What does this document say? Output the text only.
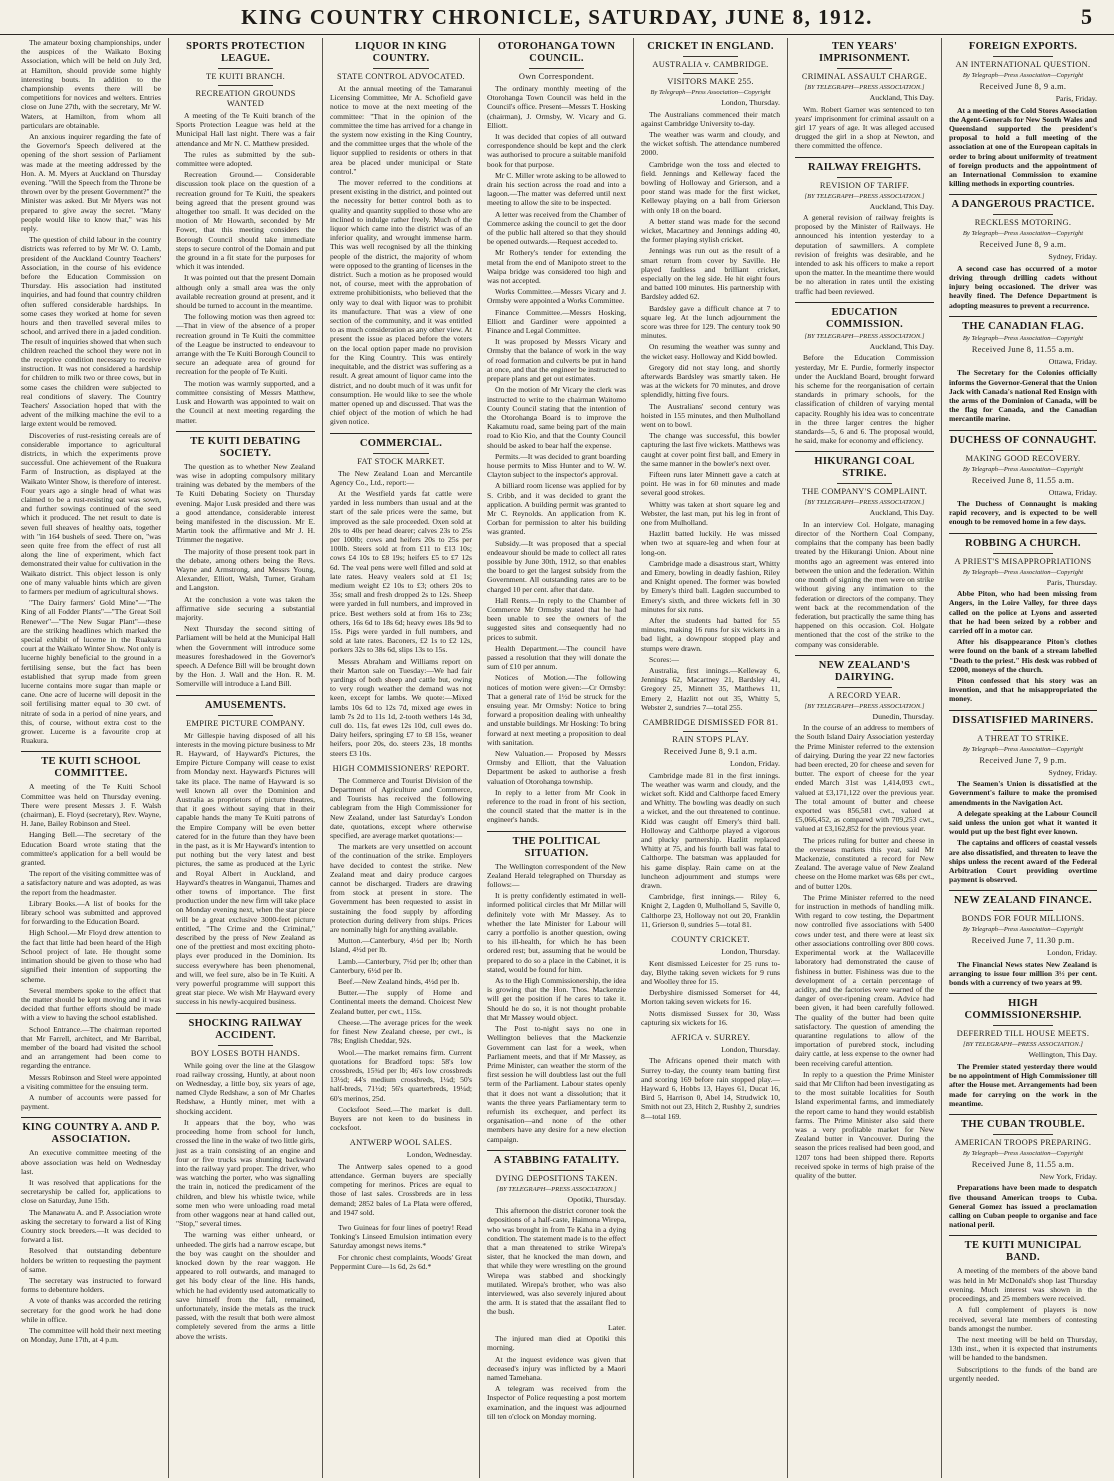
KING COUNTRY CHRONICLE, SATURDAY, JUNE 8, 1912.	5

The amateur boxing championships, under the auspices of the Waikato Boxing Association, which will be held on July 3rd, at Hamilton, should provide some highly interesting bouts. In addition to the championship events there will be competitions for novices and welters. Entries close on June 27th, with the secretary, Mr W. Waters, at Hamilton, from whom all particulars are obtainable.

An anxious inquirer regarding the fate of the Governor's Speech delivered at the opening of the short session of Parliament was made at the meeting addressed by the Hon. A. M. Myers at Auckland on Thursday evening. "Will the Speech from the Throne be thrown over by the present Government?" the Minister was asked. But Mr Myers was not prepared to give away the secret. "Many people would like to know that," was his reply.

The question of child labour in the country districts was referred to by Mr W. O. Lamb, president of the Auckland Country Teachers' Association, in the course of his evidence before the Education Commission on Thursday. His association had instituted inquiries, and had found that country children often suffered considerable hardships. In some cases they worked at home for seven hours and then travelled several miles to school, and arrived there in a jaded condition. The result of inquiries showed that when such children reached the school they were not in the receptive condition necessary to receive instruction. It was not considered a hardship for children to milk two or three cows, but in some cases the children were subjected to real conditions of slavery. The Country Teachers' Association hoped that with the advent of the milking machine the evil to a large extent would be removed.

Discoveries of rust-resisting cereals are of considerable importance to agricultural districts, in which the experiments prove successful. One achievement of the Ruakura Farm of Instruction, as displayed at the Waikato Winter Show, is therefore of interest. Four years ago a single head of what was claimed to be a rust-resisting oat was sown, and further sowings continued of the seed which it produced. The net result to date is seven full sheaves of healthy oats, together with "in 164 bushels of seed. There on, "was seen quite free from the effect of rust all along the line of experiment, which fact demonstrated their value for cultivation in the Waikato district. This object lesson is only one of many valuable hints which are given to farmers per medium of agricultural shows.

"The Dairy farmers' Gold Mine"—"The King of all Fodder Plants"—"The Great Soil Renewer"—"The New Sugar Plant"—these are the striking headlines which marked the special exhibit of lucerne in the Ruakura court at the Waikato Winter Show. Not only is lucerne highly beneficial to the ground in a fertilising sense, but the fact has been established that syrup made from green lucerne contains more sugar than maple or cane. One acre of lucerne will deposit in the soil fertilising matter equal to 30 cwt. of nitrate of soda in a period of nine years, and this, of course, without extra cost to the grower. Lucerne is a favourite crop at Ruakura.

TE KUITI SCHOOL COMMITTEE.

A meeting of the Te Kuiti School Committee was held on Thursday evening. There were present Messrs J. F. Walsh (chairman), E. Floyd (secretary), Rev. Wayne, H. Jane, Bailey Robinson and Steel.

Hanging Bell.—The secretary of the Education Board wrote stating that the committee's application for a bell would be granted.

The report of the visiting committee was of a satisfactory nature and was adopted, as was the report from the headmaster.

Library Books.—A list of books for the library school was submitted and approved for forwarding to the Education Board.

High School.—Mr Floyd drew attention to the fact that little had been heard of the High School project of late. He thought some intimation should be given to those who had signified their intention of supporting the scheme.

Several members spoke to the effect that the matter should be kept moving and it was decided that further efforts should be made with a view to having the school established.

School Entrance.—The chairman reported that Mr Farrell, architect, and Mr Barribal, member of the board had visited the school and an arrangement had been come to regarding the entrance.

Messrs Robinson and Steel were appointed a visiting committee for the ensuing term.

A number of accounts were passed for payment.

KING COUNTRY A. AND P. ASSOCIATION.

An executive committee meeting of the above association was held on Wednesday last.

It was resolved that applications for the secretaryship be called for, applications to close on Saturday, June 15th.

The Manawatu A. and P. Association wrote asking the secretary to forward a list of King Country stock breeders.—It was decided to forward a list.

Resolved that outstanding debenture holders be written to requesting the payment of same.

The secretary was instructed to forward forms to debenture holders.

A vote of thanks was accorded the retiring secretary for the good work he had done while in office.

The committee will hold their next meeting on Monday, June 17th, at 4 p.m.

SPORTS PROTECTION LEAGUE.
TE KUITI BRANCH.
RECREATION GROUNDS WANTED

A meeting of the Te Kuiti branch of the Sports Protection League was held at the Municipal Hall last night. There was a fair attendance and Mr N. C. Matthew presided.

The rules as submitted by the sub-committee were adopted.

Recreation Ground.— Considerable discussion took place on the question of a recreation ground for Te Kuiti, the speakers being agreed that the present ground was altogether too small. It was decided on the motion of Mr Howarth, seconded by Mr Fower, that this meeting considers the Borough Council should take immediate steps to secure control of the Domain and put the ground in a fit state for the purposes for which it was intended.

It was pointed out that the present Domain although only a small area was the only available recreation ground at present, and it should be turned to account in the meantime.

The following motion was then agreed to:—That in view of the absence of a proper recreation ground in Te Kuiti the committee of the League be instructed to endeavour to arrange with the Te Kuiti Borough Council to secure an adequate area of ground for recreation for the people of Te Kuiti.

The motion was warmly supported, and a committee consisting of Messrs Matthew, Lusk and Howarth was appointed to wait on the Council at next meeting regarding the matter.

TE KUITI DEBATING SOCIETY.

The question as to whether New Zealand was wise in adopting compulsory military training was debated by the members of the Te Kuiti Debating Society on Thursday evening. Major Lusk presided and there was a good attendance, considerable interest being manifested in the discussion. Mr E. Martin took the affirmative and Mr J. H. Trimmer the negative.

The majority of those present took part in the debate, among others being the Revs. Wayne and Armstrong, and Messrs Young, Alexander, Elliott, Walsh, Turner, Graham and Langston.

At the conclusion a vote was taken the affirmative side securing a substantial majority.

Next Thursday the second sitting of Parliament will be held at the Municipal Hall when the Government will introduce some measures foreshadowed in the Governor's speech. A Defence Bill will be brought down by the Hon. J. Wall and the Hon. R. M. Somerville will introduce a Land Bill.

AMUSEMENTS.
EMPIRE PICTURE COMPANY.

Mr Gillespie having disposed of all his interests in the moving picture business to Mr R. Hayward, of Hayward's Pictures, the Empire Picture Company will cease to exist from Monday next. Hayward's Pictures will take its place. The name of Hayward is so well known all over the Dominion and Australia as proprietors of picture theatres, that it goes without saying that in their capable hands the many Te Kuiti patrons of the Empire Company will be even better catered for in the future than they have been in the past, as it is Mr Hayward's intention to put nothing but the very latest and best pictures, the same as produced at the Lyric and Royal Albert in Auckland, and Hayward's theatres in Wanganui, Thames and other towns of importance. The first production under the new firm will take place on Monday evening next, when the star piece will be a great exclusive 3000-feet picture entitled, "The Crime and the Criminal," described by the press of New Zealand as one of the prettiest and most exciting photo-plays ever produced in the Dominion. Its success everywhere has been phenomenal, and will, we feel sure, also be in Te Kuiti. A very powerful programme will support this great star piece. We wish Mr Hayward every success in his newly-acquired business.

SHOCKING RAILWAY ACCIDENT.
BOY LOSES BOTH HANDS.

While going over the line at the Glasgow road railway crossing, Huntly, at about noon on Wednesday, a little boy, six years of age, named Clyde Redshaw, a son of Mr Charles Redshaw, a Huntly miner, met with a shocking accident.

It appears that the boy, who was proceeding home from school for lunch, crossed the line in the wake of two little girls, just as a train consisting of an engine and four or five trucks was shunting backward into the railway yard proper. The driver, who was watching the porter, who was signalling the train in, noticed the predicament of the children, and blew his whistle twice, while some men who were unloading road metal from other waggons near at hand called out, "Stop," several times.

The warning was either unheard, or unheeded. The girls had a narrow escape, but the boy was caught on the shoulder and knocked down by the rear waggon. He appeared to roll outwards, and managed to get his body clear of the line. His hands, which he had evidently used automatically to save himself from the fall, remained, unfortunately, inside the metals as the truck passed, with the result that both were almost completely severed from the arms a little above the wrists.

LIQUOR IN KING COUNTRY.
STATE CONTROL ADVOCATED.

At the annual meeting of the Tamaranui Licensing Committee, Mr A. Schofield gave notice to move at the next meeting of the committee: "That in the opinion of the committee the time has arrived for a change in the system now existing in the King Country, and the committee urges that the whole of the liquor supplied to residents or others in that area be placed under municipal or State control."

The mover referred to the conditions at present existing in the district, and pointed out the necessity for better control both as to quality and quantity supplied to those who are inclined to indulge rather freely. Much of the liquor which came into the district was of an inferior quality, and wrought immense harm. This was well recognised by all the thinking people of the district, the majority of whom were opposed to the granting of licenses in the district. Such a motion as he proposed would not, of course, meet with the approbation of extreme prohibitionists, who believed that the only way to deal with liquor was to prohibit its manufacture. That was a view of one section of the community, and it was entitled to as much consideration as any other view. At present the issue as placed before the voters on the local option paper made no provision for the King Country. This was entirely inequitable, and the district was suffering as a result. A great amount of liquor came into the district, and no doubt much of it was unfit for consumption. He would like to see the whole matter opened up and discussed. That was the chief object of the motion of which he had given notice.

COMMERCIAL.
FAT STOCK MARKET.

The New Zealand Loan and Mercantile Agency Co., Ltd., report:—

At the Westfield yards fat cattle were yarded in less numbers than usual and at the start of the sale prices were the same, but improved as the sale proceeded. Oxen sold at 20s to 40s per head dearer; calves 23s to 25s per 100lb; cows and heifers 20s to 25s per 100lb. Steers sold at from £11 to £13 10s; cows £4 10s to £8 19s; heifers £5 to £7 12s 6d. The veal pens were well filled and sold at late rates. Heavy vealers sold at £1 1s; medium weight £2 10s to £3; others 20s to 35s; small and fresh dropped 2s to 12s. Sheep were yarded in full numbers, and improved in price. Best wethers sold at from 16s to 23s; others, 16s 6d to 18s 6d; heavy ewes 18s 9d to 15s. Pigs were yarded in full numbers, and sold at late rates. Baconers, £2 1s to £2 12s, porkers 32s to 38s 6d, slips 13s to 15s.

Messrs Abraham and Williams report on their Marton sale on Tuesday:—We had fair yardings of both sheep and cattle but, owing to very rough weather the demand was not keen, except for lambs. We quote:—Mixed lambs 10s 6d to 12s 7d, mixed age ewes in lamb 7s 2d to 11s 1d, 2-tooth wethers 14s 3d, cull do. 11s, fat ewes 12s 10d, cull ewes do. Dairy heifers, springing £7 to £8 15s, weaner heifers, poor 20s, do. steers 23s, 18 months steers £3 10s.

HIGH COMMISSIONERS' REPORT.

The Commerce and Tourist Division of the Department of Agriculture and Commerce, and Tourists has received the following cablegram from the High Commissioner for New Zealand, under last Saturday's London date, quotations, except where otherwise specified, are average market quotations:—

The markets are very unsettled on account of the continuation of the strike. Employers have decided to contest the strike. New Zealand meat and dairy produce cargoes cannot be discharged. Traders are drawing from stock at present in store. The Government has been requested to assist in sustaining the food supply by affording protection during delivery from ships. Prices are nominally high for anything available.

Mutton.—Canterbury, 4½d per lb; North Island, 4½d per lb.

Lamb.—Canterbury, 7½d per lb; other than Canterbury, 6½d per lb.

Beef.—New Zealand hinds, 4½d per lb.

Butter.—The supply of Home and Continental meets the demand. Choicest New Zealand butter, per cwt., 115s.

Cheese.—The average prices for the week for finest New Zealand cheese, per cwt., is 78s; English Cheddar, 92s.

Wool.—The market remains firm. Current quotations for Bradford tops: 58's low crossbreds, 15¾d per lb; 46's low crossbreds 13½d; 44's medium crossbreds, 1¼d; 50's half-breds, 71½d; 56's quarterbreds, 19¼d; 60's merinos, 25d.

Cocksfoot Seed.—The market is dull. Buyers are not keen to do business in cocksfoot.

ANTWERP WOOL SALES.
London, Wednesday.

The Antwerp sales opened to a good attendance. German buyers are specially competing for merinos. Prices are equal to those of last sales. Crossbreds are in less demand; 2852 bales of La Plata were offered, and 1947 sold.

Two Guineas for four lines of poetry! Read Tonking's Linseed Emulsion intimation every Saturday amongst news items.*

For chronic chest complaints, Woods' Great Peppermint Cure—1s 6d, 2s 6d.*

OTOROHANGA TOWN COUNCIL.
Own Correspondent.

The ordinary monthly meeting of the Otorohanga Town Council was held in the Council's office. Present—Messrs T. Hosking (chairman), J. Ormsby, W. Vicary and G. Elliott.

It was decided that copies of all outward correspondence should be kept and the clerk was authorised to procure a suitable manifold book for that purpose.

Mr C. Miller wrote asking to be allowed to drain his section across the road and into a lagoon.—The matter was deferred until next meeting to allow the site to be inspected.

A letter was received from the Chamber of Commerce asking the council to get the door of the public hall altered so that they should be opened outwards.—Request acceded to.

Mr Rothery's tender for extending the metal from the end of Manipoto street to the Waipa bridge was considered too high and was not accepted.

Works Committee.—Messrs Vicary and J. Ormsby were appointed a Works Committee.

Finance Committee.—Messrs Hosking, Elliott and Gardiner were appointed a Finance and Legal Committee.

It was proposed by Messrs Vicary and Ormsby that the balance of work in the way of road formation and culverts be put in hand at once, and that the engineer be instructed to prepare plans and get out estimates.

On the motion of Mr Vicary the clerk was instructed to write to the chairman Waitomo County Council stating that the intention of the Otorohanga Board is to improve the Kakamutu road, same being part of the main road to Kio Kio, and that the County Council should be asked to bear half the expense.

Permits.—It was decided to grant boarding house permits to Miss Hunter and to W. W. Clayton subject to the inspector's approval.

A billiard room license was applied for by S. Cribb, and it was decided to grant the application. A building permit was granted to Mr C. Reynolds. An application from K. Corban for permission to alter his building was granted.

Subsidy.—It was proposed that a special endeavour should be made to collect all rates possible by June 30th, 1912, so that enables the board to get the largest subsidy from the Government. All outstanding rates are to be charged 10 per cent. after that date.

Hall Rents.—In reply to the Chamber of Commerce Mr Ormsby stated that he had been unable to see the owners of the suggested sites and consequently had no prices to submit.

Health Department.—The council have passed a resolution that they will donate the sum of £10 per annum.

Notices of Motion.—The following notices of motion were given:—Cr Ormsby: That a general rate of 1½d be struck for the ensuing year. Mr Ormsby: Notice to bring forward a proposition dealing with unhealthy and unstable buildings. Mr Hosking: To bring forward at next meeting a proposition to deal with sanitation.

New Valuation.— Proposed by Messrs Ormsby and Elliott, that the Valuation Department be asked to authorise a fresh valuation of Otorohanga township.

In reply to a letter from Mr Cook in reference to the road in front of his section, the council stated that the matter is in the engineer's hands.

THE POLITICAL SITUATION.

The Wellington correspondent of the New Zealand Herald telegraphed on Thursday as follows:—

It is pretty confidently estimated in well-informed political circles that Mr Millar will definitely vote with Mr Massey. As to whether the late Minister for Labour will carry a portfolio is another question, owing to his ill-health, for which he has been ordered rest; but, assuming that he would be prepared to do so a place in the Cabinet, it is stated, would be found for him.

As to the High Commissionership, the idea is growing that the Hon. Thos. Mackenzie will get the position if he cares to take it. Should he do so, it is not thought probable that Mr Massey would object.

The Post to-night says no one in Wellington believes that the Mackenzie Government can last for a week, when Parliament meets, and that if Mr Massey, as Prime Minister, can weather the storm of the first session he will doubtless last out the full term of the Parliament. Labour states openly that it does not want a dissolution; that it wants the three years Parliamentary term to refurnish its exchequer, and perfect its organisation—and none of the other members have any desire for a new election campaign.

A STABBING FATALITY.
DYING DEPOSITIONS TAKEN.
[BY TELEGRAPH—PRESS ASSOCIATION.]
Opotiki, Thursday.

This afternoon the district coroner took the depositions of a half-caste, Haimona Wirepa, who was brought in from Te Kaha in a dying condition. The statement made is to the effect that a man threatened to strike Wirepa's sister, that he knocked the man down, and that while they were wrestling on the ground Wirepa was stabbed and shockingly mutilated. Wirepa's brother, who was also interviewed, was also severely injured about the arm. It is stated that the assailant fled to the bush.

Later.

The injured man died at Opotiki this morning.

At the inquest evidence was given that deceased's injury was inflicted by a Maori named Tamehana.

A telegram was received from the Inspector of Police requesting a post mortem examination, and the inquest was adjourned till ten o'clock on Monday morning.

CRICKET IN ENGLAND.
AUSTRALIA v. CAMBRIDGE.
VISITORS MAKE 255.
By Telegraph—Press Association—Copyright
London, Thursday.

The Australians commenced their match against Cambridge University to-day.

The weather was warm and cloudy, and the wicket softish. The attendance numbered 2000.

Cambridge won the toss and elected to field. Jennings and Kelleway faced the bowling of Holloway and Grierson, and a poor stand was made for the first wicket, Kelleway playing on a ball from Grierson with only 18 on the board.

A better stand was made for the second wicket, Macartney and Jennings adding 40, the former playing stylish cricket.

Jennings was run out as the result of a smart return from cover by Saville. He played faultless and brilliant cricket, especially on the leg side. He hit eight fours and batted 100 minutes. His partnership with Bardsley added 62.

Bardsley gave a difficult chance at 7 to square leg. At the lunch adjournment the score was three for 129. The century took 90 minutes.

On resuming the weather was sunny and the wicket easy. Holloway and Kidd bowled.

Gregory did not stay long, and shortly afterwards Bardsley was smartly taken. He was at the wickets for 70 minutes, and drove splendidly, hitting five fours.

The Australians' second century was hoisted in 155 minutes, and then Mulholland went on to bowl.

The change was successful, this bowler capturing the last five wickets. Matthews was caught at cover point first ball, and Emery in the same manner in the bowler's next over.

Fifteen runs later Minnett gave a catch at point. He was in for 60 minutes and made several good strokes.

Whitty was taken at short square leg and Webster, the last man, put his leg in front of one from Mulholland.

Hazlitt batted luckily. He was missed when two at square-leg and when four at long-on.

Cambridge made a disastrous start, Whitty and Emery, bowling in deadly fashion, Riley and Knight opened. The former was bowled by Emery's third ball. Lagden succumbed to Emery's sixth, and three wickets fell in 30 minutes for six runs.

After the students had batted for 55 minutes, making 16 runs for six wickets in a bad light, a downpour stopped play and stumps were drawn.

Scores:—

Australia, first innings.—Kelleway 6, Jennings 62, Macartney 21, Bardsley 41, Gregory 25, Minnett 35, Matthews 11, Emery 2, Hazlitt not out 35, Whitty 5, Webster 2, sundries 7—total 255.

CAMBRIDGE DISMISSED FOR 81.
RAIN STOPS PLAY.
Received June 8, 9.1 a.m.
London, Friday.

Cambridge made 81 in the first innings. The weather was warm and cloudy, and the wicket soft. Kidd and Calthorpe faced Emery and Whitty. The bowling was deadly on such a wicket, and the out threatened to continue. Kidd was caught off Emery's third ball. Holloway and Calthorpe played a vigorous and plucky partnership. Hazlitt replaced Whitty at 75, and his fourth ball was fatal to Calthorpe. The batsman was applauded for his game display. Rain came on at the luncheon adjournment and stumps were drawn.

Cambridge, first innings.— Riley 6, Knight 2, Lagden 0, Mulholland 5, Saville 0, Calthorpe 23, Holloway not out 20, Franklin 11, Grierson 0, sundries 5—total 81.

COUNTY CRICKET.
London, Thursday.

Kent dismissed Leicester for 25 runs to-day, Blythe taking seven wickets for 9 runs and Woolley three for 15.

Derbyshire dismissed Somerset for 44, Morton taking seven wickets for 16.

Notts dismissed Sussex for 30, Wass capturing six wickets for 16.

AFRICA v. SURREY.
London, Thursday.

The Africans opened their match with Surrey to-day, the county team batting first and scoring 169 before rain stopped play.—Hayward 6, Hobbs 13, Hayes 61, Ducat 16, Bird 5, Harrison 0, Abel 14, Strudwick 10, Smith not out 23, Hitch 2, Rushby 2, sundries 8—total 169.

TEN YEARS' IMPRISONMENT.
CRIMINAL ASSAULT CHARGE.
[BY TELEGRAPH—PRESS ASSOCIATION.]
Auckland, This Day.

Wm. Robert Garner was sentenced to ten years' imprisonment for criminal assault on a girl 17 years of age. It was alleged accused drugged the girl in a shop at Newton, and there committed the offence.

RAILWAY FREIGHTS.
REVISION OF TARIFF.
[BY TELEGRAPH—PRESS ASSOCIATION.]
Auckland, This Day.

A general revision of railway freights is proposed by the Minister of Railways. He announced his intention yesterday to a deputation of sawmillers. A complete revision of freights was desirable, and he intended to ask his officers to make a report upon the matter. In the meantime there would be no alteration in rates until the existing traffic had been reviewed.

EDUCATION COMMISSION.
[BY TELEGRAPH—PRESS ASSOCIATION.]
Auckland, This Day.

Before the Education Commission yesterday, Mr E. Purdie, formerly inspector under the Auckland Board, brought forward his scheme for the reorganisation of certain standards in primary schools, for the classification of children of varying mental capacity. Roughly his idea was to concentrate in the three larger centres the higher standards—5, 6 and 6. The proposal would, he said, make for economy and efficiency.

HIKURANGI COAL STRIKE.
THE COMPANY'S COMPLAINT.
[BY TELEGRAPH—PRESS ASSOCIATION.]
Auckland, This Day.

In an interview Col. Holgate, managing director of the Northern Coal Company, complains that the company has been badly treated by the Hikurangi Union. About nine months ago an agreement was entered into between the union and the federation. Within one month of signing the men were on strike without giving any intimation to the federation or directors of the company. They went back at the recommendation of the federation, but practically the same thing has happened on this occasion. Col. Holgate mentioned that the cost of the strike to the company was considerable.

NEW ZEALAND'S DAIRYING.
A RECORD YEAR.
[BY TELEGRAPH—PRESS ASSOCIATION.]
Dunedin, Thursday.

In the course of an address to members of the South Island Dairy Association yesterday the Prime Minister referred to the extension of dairying. During the year 22 new factories had been erected, 20 for cheese and seven for butter. The export of cheese for the year ended March 31st was 1,414,093 cwt., valued at £3,171,122 over the previous year. The total amount of butter and cheese exported was 856,581 cwt., valued at £5,066,452, as compared with 709,253 cwt., valued at £3,162,852 for the previous year.

The prices ruling for butter and cheese in the overseas markets this year, said Mr Mackenzie, constituted a record for New Zealand. The average value of New Zealand cheese on the Home market was 68s per cwt., and of butter 120s.

The Prime Minister referred to the need for instruction in methods of handling milk. With regard to cow testing, the Department now controlled five associations with 5400 cows under test, and there were at least six other associations controlling over 800 cows. Experimental work at the Wallaceville laboratory had demonstrated the cause of fishiness in butter. Fishiness was due to the development of a certain percentage of acidity, and the factories were warned of the danger of over-ripening cream. Advice had been given, it had been carefully followed. The quality of the butter had been quite satisfactory. The question of amending the quarantine regulations to allow of the importation of purebred stock, including dairy cattle, at less expense to the owner had been receiving careful attention.

In reply to a question the Prime Minister said that Mr Clifton had been investigating as to the most suitable localities for South Island experimental farms, and immediately the report came to hand they would establish farms. The Prime Minister also said there was a very profitable market for New Zealand butter in Vancouver. During the season the prices realised had been good, and 1207 tons had been shipped there. Reports received spoke in terms of high praise of the quality of the butter.

FOREIGN EXPORTS.
AN INTERNATIONAL QUESTION.
By Telegraph—Press Association—Copyright
Received June 8, 9 a.m.
Paris, Friday.

At a meeting of the Cold Stores Association the Agent-Generals for New South Wales and Queensland supported the president's proposal to hold a full meeting of the association at one of the European capitals in order to bring about uniformity of treatment of foreign products and the appointment of an International Commission to examine killing methods in exporting countries.

A DANGEROUS PRACTICE.
RECKLESS MOTORING.
By Telegraph—Press Association—Copyright
Received June 8, 9 a.m.
Sydney, Friday.

A second case has occurred of a motor driving through drilling cadets without injury being occasioned. The driver was heavily fined. The Defence Department is adopting measures to prevent a recurrence.

THE CANADIAN FLAG.
By Telegraph—Press Association—Copyright
Received June 8, 11.55 a.m.
Ottawa, Friday.

The Secretary for the Colonies officially informs the Governor-General that the Union Jack with Canada's national Red Ensign with the arms of the Dominion of Canada, will be the flag for Canada, and the Canadian mercantile marine.

DUCHESS OF CONNAUGHT.
MAKING GOOD RECOVERY.
By Telegraph—Press Association—Copyright
Received June 8, 11.55 a.m.
Ottawa, Friday.

The Duchess of Connaught is making rapid recovery, and is expected to be well enough to be removed home in a few days.

ROBBING A CHURCH.
A PRIEST'S MISAPPROPRIATIONS
By Telegraph—Press Association—Copyright
Paris, Thursday.

Abbe Piton, who had been missing from Angers, in the Loire Valley, for three days called on the police at Lyons and asserted that he had been seized by a robber and carried off in a motor car.

After his disappearance Piton's clothes were found on the bank of a stream labelled "Death to the priest." His desk was robbed of £2000, moneys of the church.

Piton confessed that his story was an invention, and that he misappropriated the money.

DISSATISFIED MARINERS.
A THREAT TO STRIKE.
By Telegraph—Press Association—Copyright
Received June 7, 9 p.m.
Sydney, Friday.

The Seamen's Union is dissatisfied at the Government's failure to make the promised amendments in the Navigation Act.

A delegate speaking at the Labour Council said unless the union got what it wanted it would put up the best fight ever known.

The captains and officers of coastal vessels are also dissatisfied, and threaten to leave the ships unless the recent award of the Federal Arbitration Court providing overtime payment is observed.

NEW ZEALAND FINANCE.
BONDS FOR FOUR MILLIONS.
By Telegraph—Press Association—Copyright
Received June 7, 11.30 p.m.
London, Friday.

The Financial News states New Zealand is arranging to issue four million 3½ per cent. bonds with a currency of two years at 99.

HIGH COMMISSIONERSHIP.
DEFERRED TILL HOUSE MEETS.
[BY TELEGRAPH—PRESS ASSOCIATION.]
Wellington, This Day.

The Premier stated yesterday there would be no appointment of High Commissioner till after the House met. Arrangements had been made for carrying on the work in the meantime.

THE CUBAN TROUBLE.
AMERICAN TROOPS PREPARING.
By Telegraph—Press Association—Copyright
Received June 8, 11.55 a.m.
New York, Friday.

Preparations have been made to despatch five thousand American troops to Cuba. General Gomez has issued a proclamation calling on Cuban people to organise and face national peril.

TE KUITI MUNICIPAL BAND.

A meeting of the members of the above band was held in Mr McDonald's shop last Thursday evening. Much interest was shown in the proceedings, and 25 members were received.

A full complement of players is now received, several late members of contesting bands amongst the number.

The next meeting will be held on Thursday, 13th inst., when it is expected that instruments will be handed to the bandsmen.

Subscriptions to the funds of the band are urgently needed.
